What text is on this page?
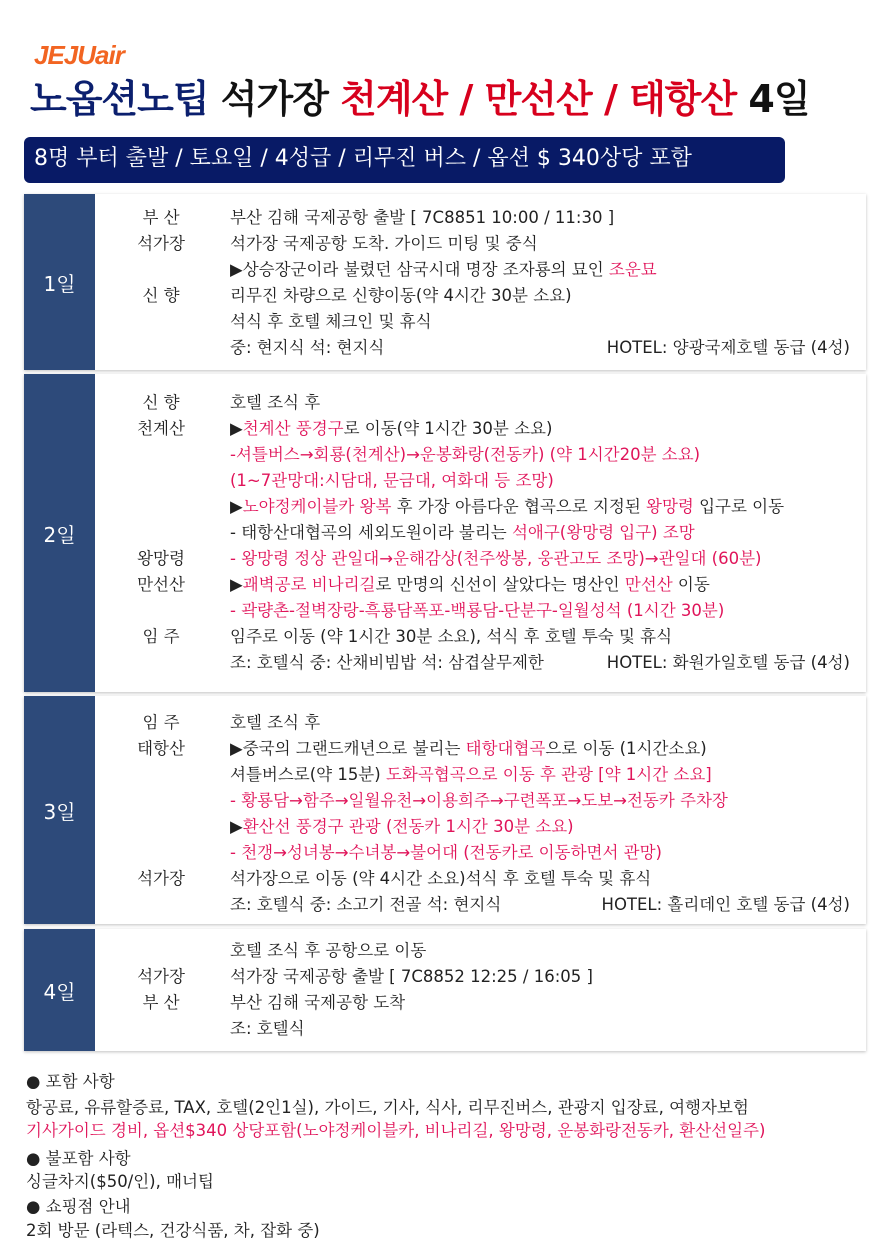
JEJUair
노옵션노팁 석가장 천계산 / 만선산 / 태항산 4일
8명 부터 출발 / 토요일 / 4성급 / 리무진 버스 / 옵션 $ 340상당 포함
1일
부 산	부산 김해 국제공항 출발 [ 7C8851 10:00 / 11:30 ]
석가장	석가장 국제공항 도착. 가이드 미팅 및 중식
▶상승장군이라 불렸던 삼국시대 명장 조자룡의 묘인 조운묘
신 향	리무진 차량으로 신향이동(약 4시간 30분 소요)
석식 후 호텔 체크인 및 휴식
중: 현지식 석: 현지식	HOTEL: 양광국제호텔 동급 (4성)
2일
신 향	호텔 조식 후
천계산	▶천계산 풍경구로 이동(약 1시간 30분 소요)
-셔틀버스→회룡(천계산)→운봉화랑(전동카) (약 1시간20분 소요)
(1~7관망대:시담대, 문금대, 여화대 등 조망)
▶노야정케이블카 왕복 후 가장 아름다운 협곡으로 지정된 왕망령 입구로 이동
- 태항산대협곡의 세외도원이라 불리는 석애구(왕망령 입구) 조망
왕망령	- 왕망령 정상 관일대→운해감상(천주쌍봉, 웅관고도 조망)→관일대 (60분)
만선산	▶괘벽공로 비나리길로 만명의 신선이 살았다는 명산인 만선산 이동
- 곽량촌-절벽장랑-흑룡담폭포-백룡담-단분구-일월성석 (1시간 30분)
임 주	임주로 이동 (약 1시간 30분 소요), 석식 후 호텔 투숙 및 휴식
조: 호텔식 중: 산채비빔밥 석: 삼겹살무제한	HOTEL: 화원가일호텔 동급 (4성)
3일
임 주	호텔 조식 후
태항산	▶중국의 그랜드캐년으로 불리는 태항대협곡으로 이동 (1시간소요)
셔틀버스로(약 15분) 도화곡협곡으로 이동 후 관광 [약 1시간 소요]
- 황룡담→함주→일월유천→이용희주→구련폭포→도보→전동카 주차장
▶환산선 풍경구 관광 (전동카 1시간 30분 소요)
- 천갱→성녀봉→수녀봉→불어대 (전동카로 이동하면서 관망)
석가장	석가장으로 이동 (약 4시간 소요)석식 후 호텔 투숙 및 휴식
조: 호텔식 중: 소고기 전골 석: 현지식	HOTEL: 홀리데인 호텔 동급 (4성)
4일
호텔 조식 후 공항으로 이동
석가장	석가장 국제공항 출발 [ 7C8852 12:25 / 16:05 ]
부 산	부산 김해 국제공항 도착
조: 호텔식
● 포함 사항
항공료, 유류할증료, TAX, 호텔(2인1실), 가이드, 기사, 식사, 리무진버스, 관광지 입장료, 여행자보험
기사가이드 경비, 옵션$340 상당포함(노야정케이블카, 비나리길, 왕망령, 운봉화랑전동카, 환산선일주)
● 불포함 사항
싱글차지($50/인), 매너팁
● 쇼핑점 안내
2회 방문 (라텍스, 건강식품, 차, 잡화 중)
